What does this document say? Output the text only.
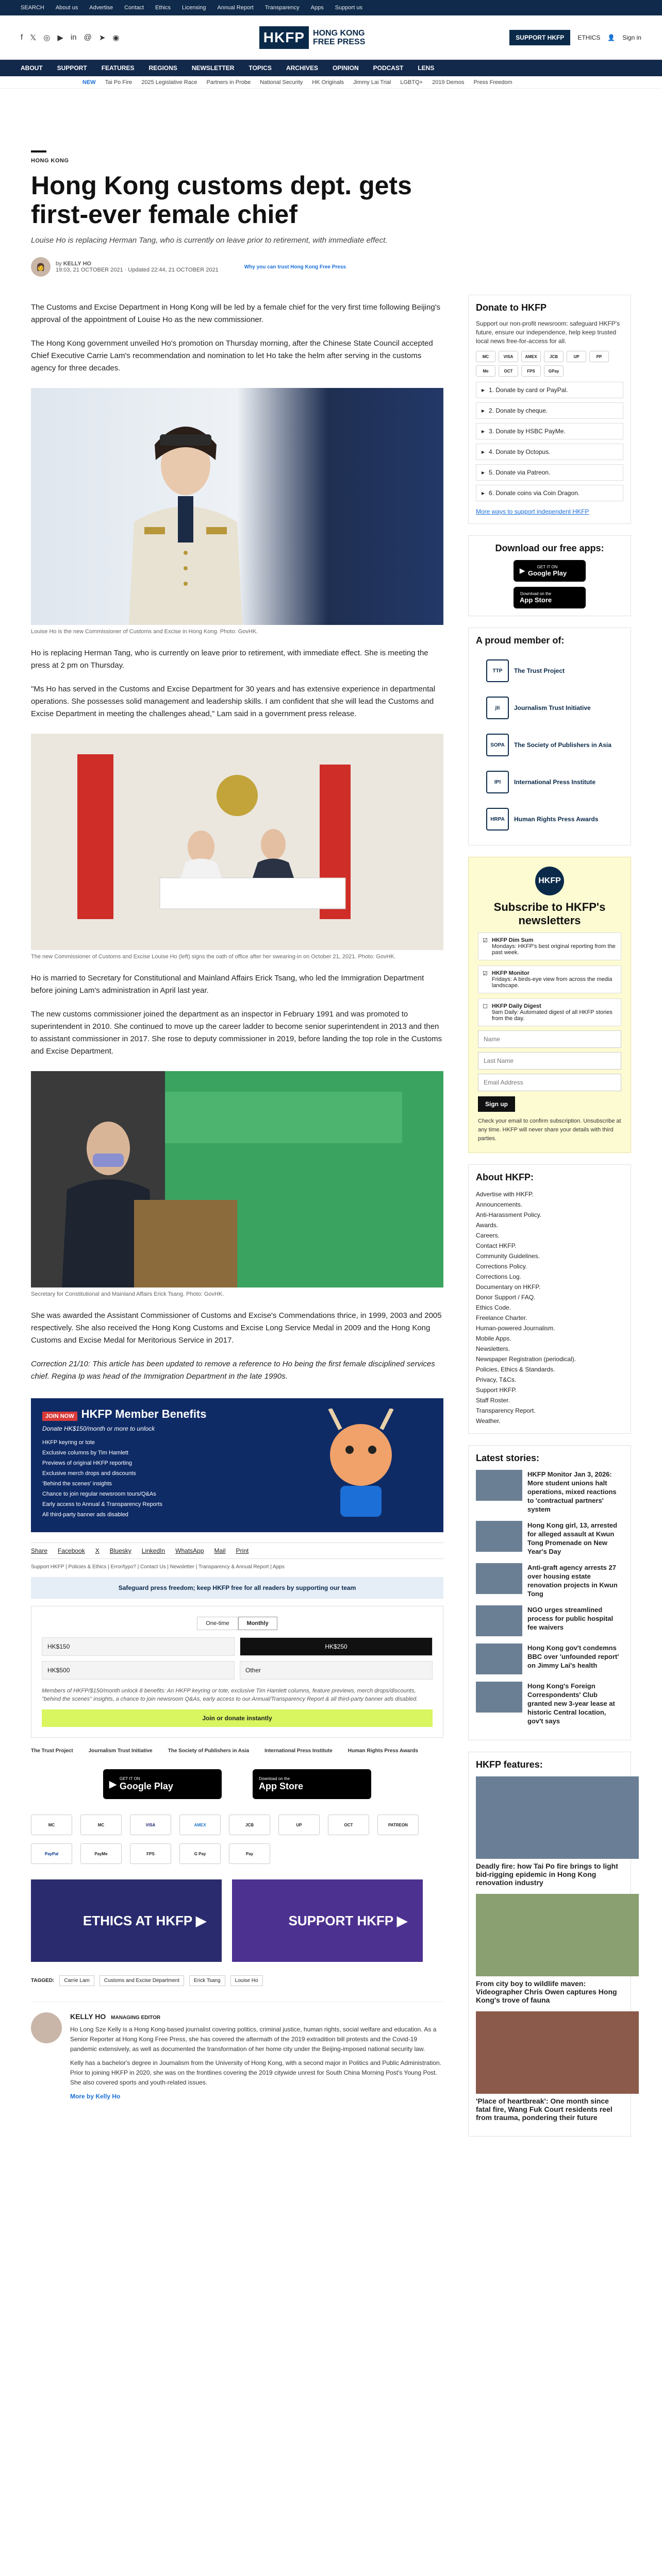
SEARCH About us Advertise Contact Ethics Licensing Annual Report Transparency Apps Support us
f 𝕏 ◎ ▶ in @ ➤ ◉	HKFP	HONG KONG FREE PRESS	SUPPORT HKFP	ETHICS 👤 Sign in
ABOUT SUPPORT FEATURES REGIONS NEWSLETTER TOPICS ARCHIVES OPINION PODCAST LENS
NEW Tai Po Fire 2025 Legislative Race Partners in Probe National Security HK Originals Jimmy Lai Trial LGBTQ+ 2019 Demos Press Freedom
HONG KONG
Hong Kong customs dept. gets first-ever female chief
Louise Ho is replacing Herman Tang, who is currently on leave prior to retirement, with immediate effect.
👩	by KELLY HO
19:03, 21 OCTOBER 2021 · Updated 22:44, 21 OCTOBER 2021	Why you can trust Hong Kong Free Press

The Customs and Excise Department in Hong Kong will be led by a female chief for the very first time following Beijing's approval of the appointment of Louise Ho as the new commissioner.

The Hong Kong government unveiled Ho's promotion on Thursday morning, after the Chinese State Council accepted Chief Executive Carrie Lam's recommendation and nomination to let Ho take the helm after serving in the customs agency for three decades.

Louise Ho is the new Commissioner of Customs and Excise in Hong Kong. Photo: GovHK.

Ho is replacing Herman Tang, who is currently on leave prior to retirement, with immediate effect. She is meeting the press at 2 pm on Thursday.

"Ms Ho has served in the Customs and Excise Department for 30 years and has extensive experience in departmental operations. She possesses solid management and leadership skills. I am confident that she will lead the Customs and Excise Department in meeting the challenges ahead," Lam said in a government press release.

The new Commissioner of Customs and Excise Louise Ho (left) signs the oath of office after her swearing-in on October 21, 2021. Photo: GovHK.

Ho is married to Secretary for Constitutional and Mainland Affairs Erick Tsang, who led the Immigration Department before joining Lam's administration in April last year.

The new customs commissioner joined the department as an inspector in February 1991 and was promoted to superintendent in 2010. She continued to move up the career ladder to become senior superintendent in 2013 and then to assistant commissioner in 2017. She rose to deputy commissioner in 2019, before landing the top role in the Customs and Excise Department.

Secretary for Constitutional and Mainland Affairs Erick Tsang. Photo: GovHK.

She was awarded the Assistant Commissioner of Customs and Excise's Commendations thrice, in 1999, 2003 and 2005 respectively. She also received the Hong Kong Customs and Excise Long Service Medal in 2009 and the Hong Kong Customs and Excise Medal for Meritorious Service in 2017.

Correction 21/10: This article has been updated to remove a reference to Ho being the first female disciplined services chief. Regina Ip was head of the Immigration Department in the late 1990s.

JOIN NOW HKFP Member Benefits
Donate HK$150/month or more to unlock
HKFP keyring or tote
Exclusive columns by Tim Hamlett
Previews of original HKFP reporting
Exclusive merch drops and discounts
'Behind the scenes' insights
Chance to join regular newsroom tours/Q&As
Early access to Annual & Transparency Reports
All third-party banner ads disabled
Share Facebook X Bluesky LinkedIn WhatsApp Mail Print
Support HKFP | Policies & Ethics | Error/typo? | Contact Us | Newsletter | Transparency & Annual Report | Apps
Safeguard press freedom; keep HKFP free for all readers by supporting our team
One-time	Monthly
HK$150	HK$250
HK$500	Other

Members of HKFP/$150/month unlock 8 benefits: An HKFP keyring or tote, exclusive Tim Hamlett columns, feature previews, merch drops/discounts, "behind the scenes" insights, a chance to join newsroom Q&As, early access to our Annual/Transparency Report & all third-party banner ads disabled.

Join or donate instantly
The Trust Project	Journalism Trust Initiative	The Society of Publishers in Asia	International Press Institute	Human Rights Press Awards
▶ GET IT ON
Google Play
Download on the
App Store
MC	MC	VISA	AMEX	JCB	UP	OCT	PATREON
PayPal	PayMe	FPS	G Pay	Pay
ETHICS AT HKFP ▶	SUPPORT HKFP ▶
TAGGED:	Carrie Lam	Customs and Excise Department	Erick Tsang	Louise Ho
KELLY HO MANAGING EDITOR

Ho Long Sze Kelly is a Hong Kong-based journalist covering politics, criminal justice, human rights, social welfare and education. As a Senior Reporter at Hong Kong Free Press, she has covered the aftermath of the 2019 extradition bill protests and the Covid-19 pandemic extensively, as well as documented the transformation of her home city under the Beijing-imposed national security law.

Kelly has a bachelor's degree in Journalism from the University of Hong Kong, with a second major in Politics and Public Administration. Prior to joining HKFP in 2020, she was on the frontlines covering the 2019 citywide unrest for South China Morning Post's Young Post. She also covered sports and youth-related issues.

More by Kelly Ho

Donate to HKFP

Support our non-profit newsroom: safeguard HKFP's future, ensure our independence, help keep trusted local news free-for-access for all.

MC	VISA	AMEX	JCB	UP	PP
Me	OCT	FPS	GPay
▸ 1. Donate by card or PayPal.
▸ 2. Donate by cheque.
▸ 3. Donate by HSBC PayMe.
▸ 4. Donate by Octopus.
▸ 5. Donate via Patreon.
▸ 6. Donate coins via Coin Dragon.

More ways to support independent HKFP

Download our free apps:
▶	GET IT ON
Google Play

Download on the
App Store
A proud member of:
TTP	The Trust Project
jti	Journalism Trust Initiative
SOPA	The Society of Publishers in Asia
IPI	International Press Institute
HRPA	Human Rights Press Awards
HKFP
Subscribe to HKFP's newsletters
☑ HKFP Dim Sum
Mondays: HKFP's best original reporting from the past week.
☑ HKFP Monitor
Fridays: A birds-eye view from across the media landscape.
☐ HKFP Daily Digest
9am Daily: Automated digest of all HKFP stories from the day.
Name Last Name Email Address
Sign up

Check your email to confirm subscription. Unsubscribe at any time. HKFP will never share your details with third parties.

About HKFP:
Advertise with HKFP.
Announcements.
Anti-Harassment Policy.
Awards.
Careers.
Contact HKFP.
Community Guidelines.
Corrections Policy.
Corrections Log.
Documentary on HKFP.
Donor Support / FAQ.
Ethics Code.
Freelance Charter.
Human-powered Journalism.
Mobile Apps.
Newsletters.
Newspaper Registration (periodical).
Policies, Ethics & Standards.
Privacy, T&Cs.
Support HKFP.
Staff Roster.
Transparency Report.
Weather.
Latest stories:
HKFP Monitor Jan 3, 2026: More student unions halt operations, mixed reactions to 'contractual partners' system
Hong Kong girl, 13, arrested for alleged assault at Kwun Tong Promenade on New Year's Day
Anti-graft agency arrests 27 over housing estate renovation projects in Kwun Tong
NGO urges streamlined process for public hospital fee waivers
Hong Kong gov't condemns BBC over 'unfounded report' on Jimmy Lai's health
Hong Kong's Foreign Correspondents' Club granted new 3-year lease at historic Central location, gov't says
HKFP features:
Deadly fire: how Tai Po fire brings to light bid-rigging epidemic in Hong Kong renovation industry
From city boy to wildlife maven: Videographer Chris Owen captures Hong Kong's trove of fauna
'Place of heartbreak': One month since fatal fire, Wang Fuk Court residents reel from trauma, pondering their future
